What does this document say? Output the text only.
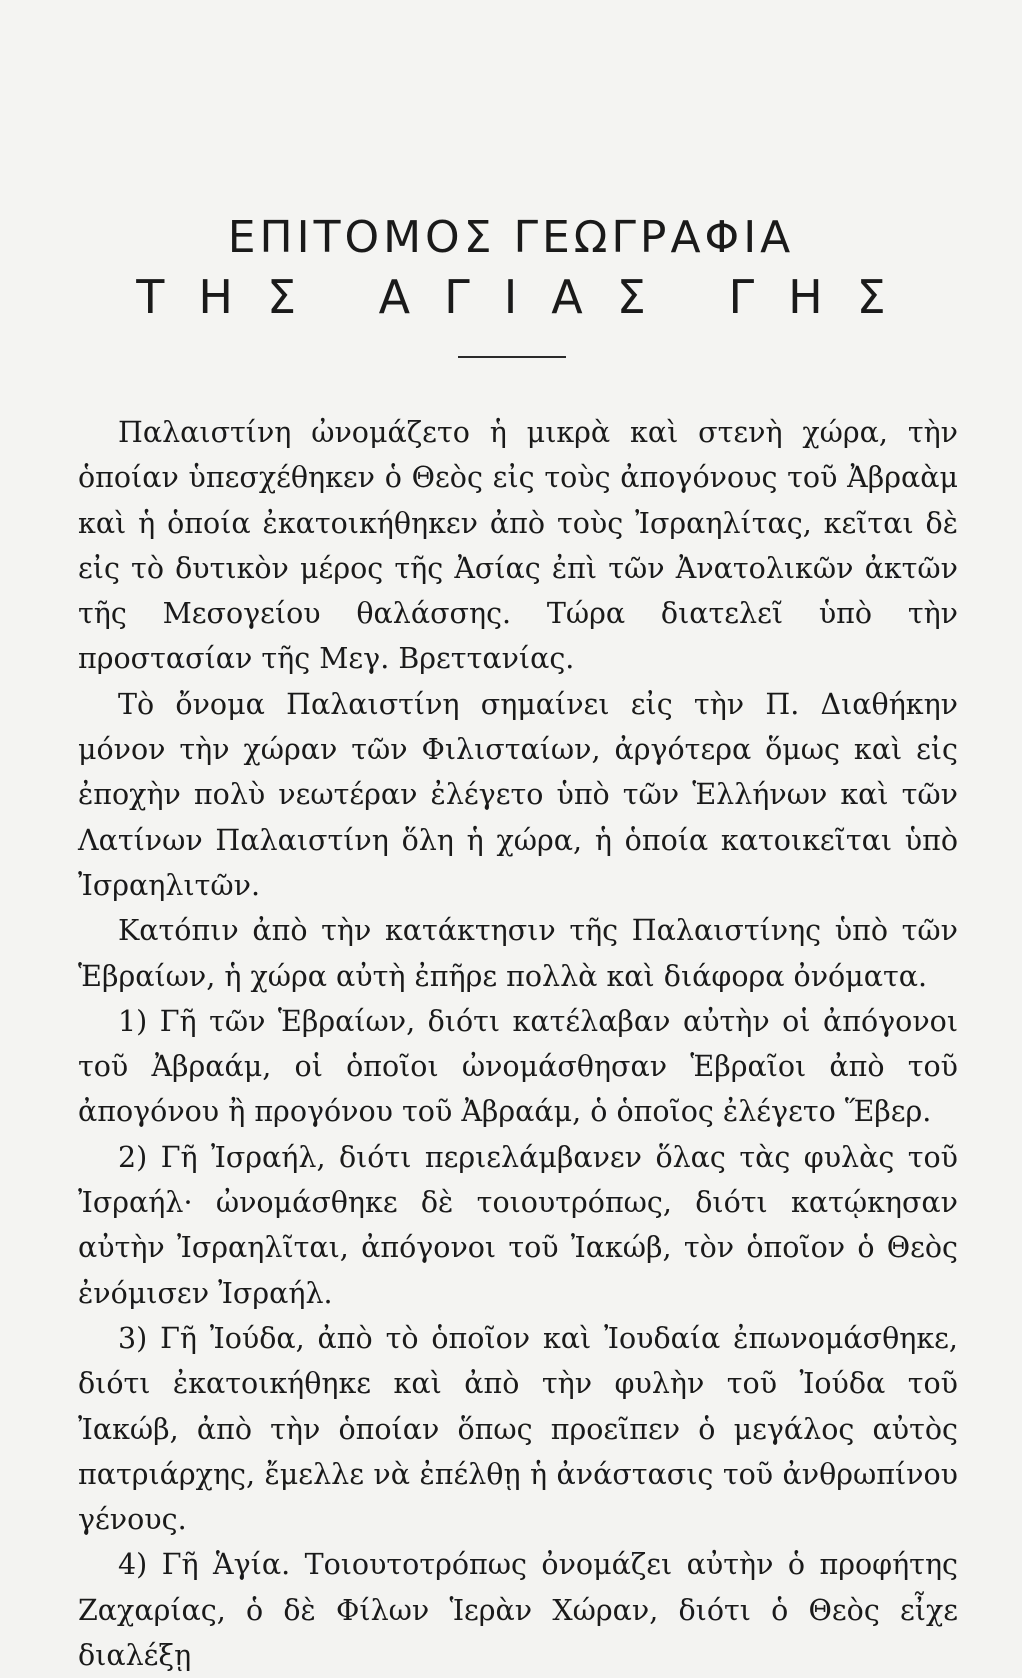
ΕΠΙΤΟΜΟΣ ΓΕΩΓΡΑΦΙΑ
ΤΗΣ ΑΓΙΑΣ ΓΗΣ

Παλαιστίνη ὠνομάζετο ἡ μικρὰ καὶ στενὴ χώρα, τὴν ὁποίαν ὑπεσχέθηκεν ὁ Θεὸς εἰς τοὺς ἀπογόνους τοῦ Ἀβραὰμ καὶ ἡ ὁποία ἐκατοικήθηκεν ἀπὸ τοὺς Ἰσραηλίτας, κεῖται δὲ εἰς τὸ δυτικὸν μέρος τῆς Ἀσίας ἐπὶ τῶν Ἀνατολικῶν ἀκτῶν τῆς Μεσογείου θαλάσσης. Τώρα διατελεῖ ὑπὸ τὴν προστασίαν τῆς Μεγ. Βρεττανίας.

Τὸ ὄνομα Παλαιστίνη σημαίνει εἰς τὴν Π. Διαθήκην μόνον τὴν χώραν τῶν Φιλισταίων, ἀργότερα ὅμως καὶ εἰς ἐποχὴν πολὺ νεωτέραν ἐλέγετο ὑπὸ τῶν Ἑλλήνων καὶ τῶν Λατίνων Παλαιστίνη ὅλη ἡ χώρα, ἡ ὁποία κατοικεῖται ὑπὸ Ἰσραηλιτῶν.

Κατόπιν ἀπὸ τὴν κατάκτησιν τῆς Παλαιστίνης ὑπὸ τῶν Ἑβραίων, ἡ χώρα αὐτὴ ἐπῆρε πολλὰ καὶ διάφορα ὀνόματα.

1) Γῆ τῶν Ἑβραίων, διότι κατέλαβαν αὐτὴν οἱ ἀπόγονοι τοῦ Ἀβραάμ, οἱ ὁποῖοι ὠνομάσθησαν Ἑβραῖοι ἀπὸ τοῦ ἀπογόνου ἢ προγόνου τοῦ Ἀβραάμ, ὁ ὁποῖος ἐλέγετο Ἕβερ.

2) Γῆ Ἰσραήλ, διότι περιελάμβανεν ὅλας τὰς φυλὰς τοῦ Ἰσραήλ· ὠνομάσθηκε δὲ τοιουτρόπως, διότι κατῴκησαν αὐτὴν Ἰσραηλῖται, ἀπόγονοι τοῦ Ἰακώβ, τὸν ὁποῖον ὁ Θεὸς ἐνόμισεν Ἰσραήλ.

3) Γῆ Ἰούδα, ἀπὸ τὸ ὁποῖον καὶ Ἰουδαία ἐπωνομάσθηκε, διότι ἐκατοικήθηκε καὶ ἀπὸ τὴν φυλὴν τοῦ Ἰούδα τοῦ Ἰακώβ, ἀπὸ τὴν ὁποίαν ὅπως προεῖπεν ὁ μεγάλος αὐτὸς πατριάρχης, ἔμελλε νὰ ἐπέλθῃ ἡ ἀνάστασις τοῦ ἀνθρωπίνου γένους.

4) Γῆ Ἁγία. Τοιουτοτρόπως ὀνομάζει αὐτὴν ὁ προφήτης Ζαχαρίας, ὁ δὲ Φίλων Ἱερὰν Χώραν, διότι ὁ Θεὸς εἶχε διαλέξῃ
